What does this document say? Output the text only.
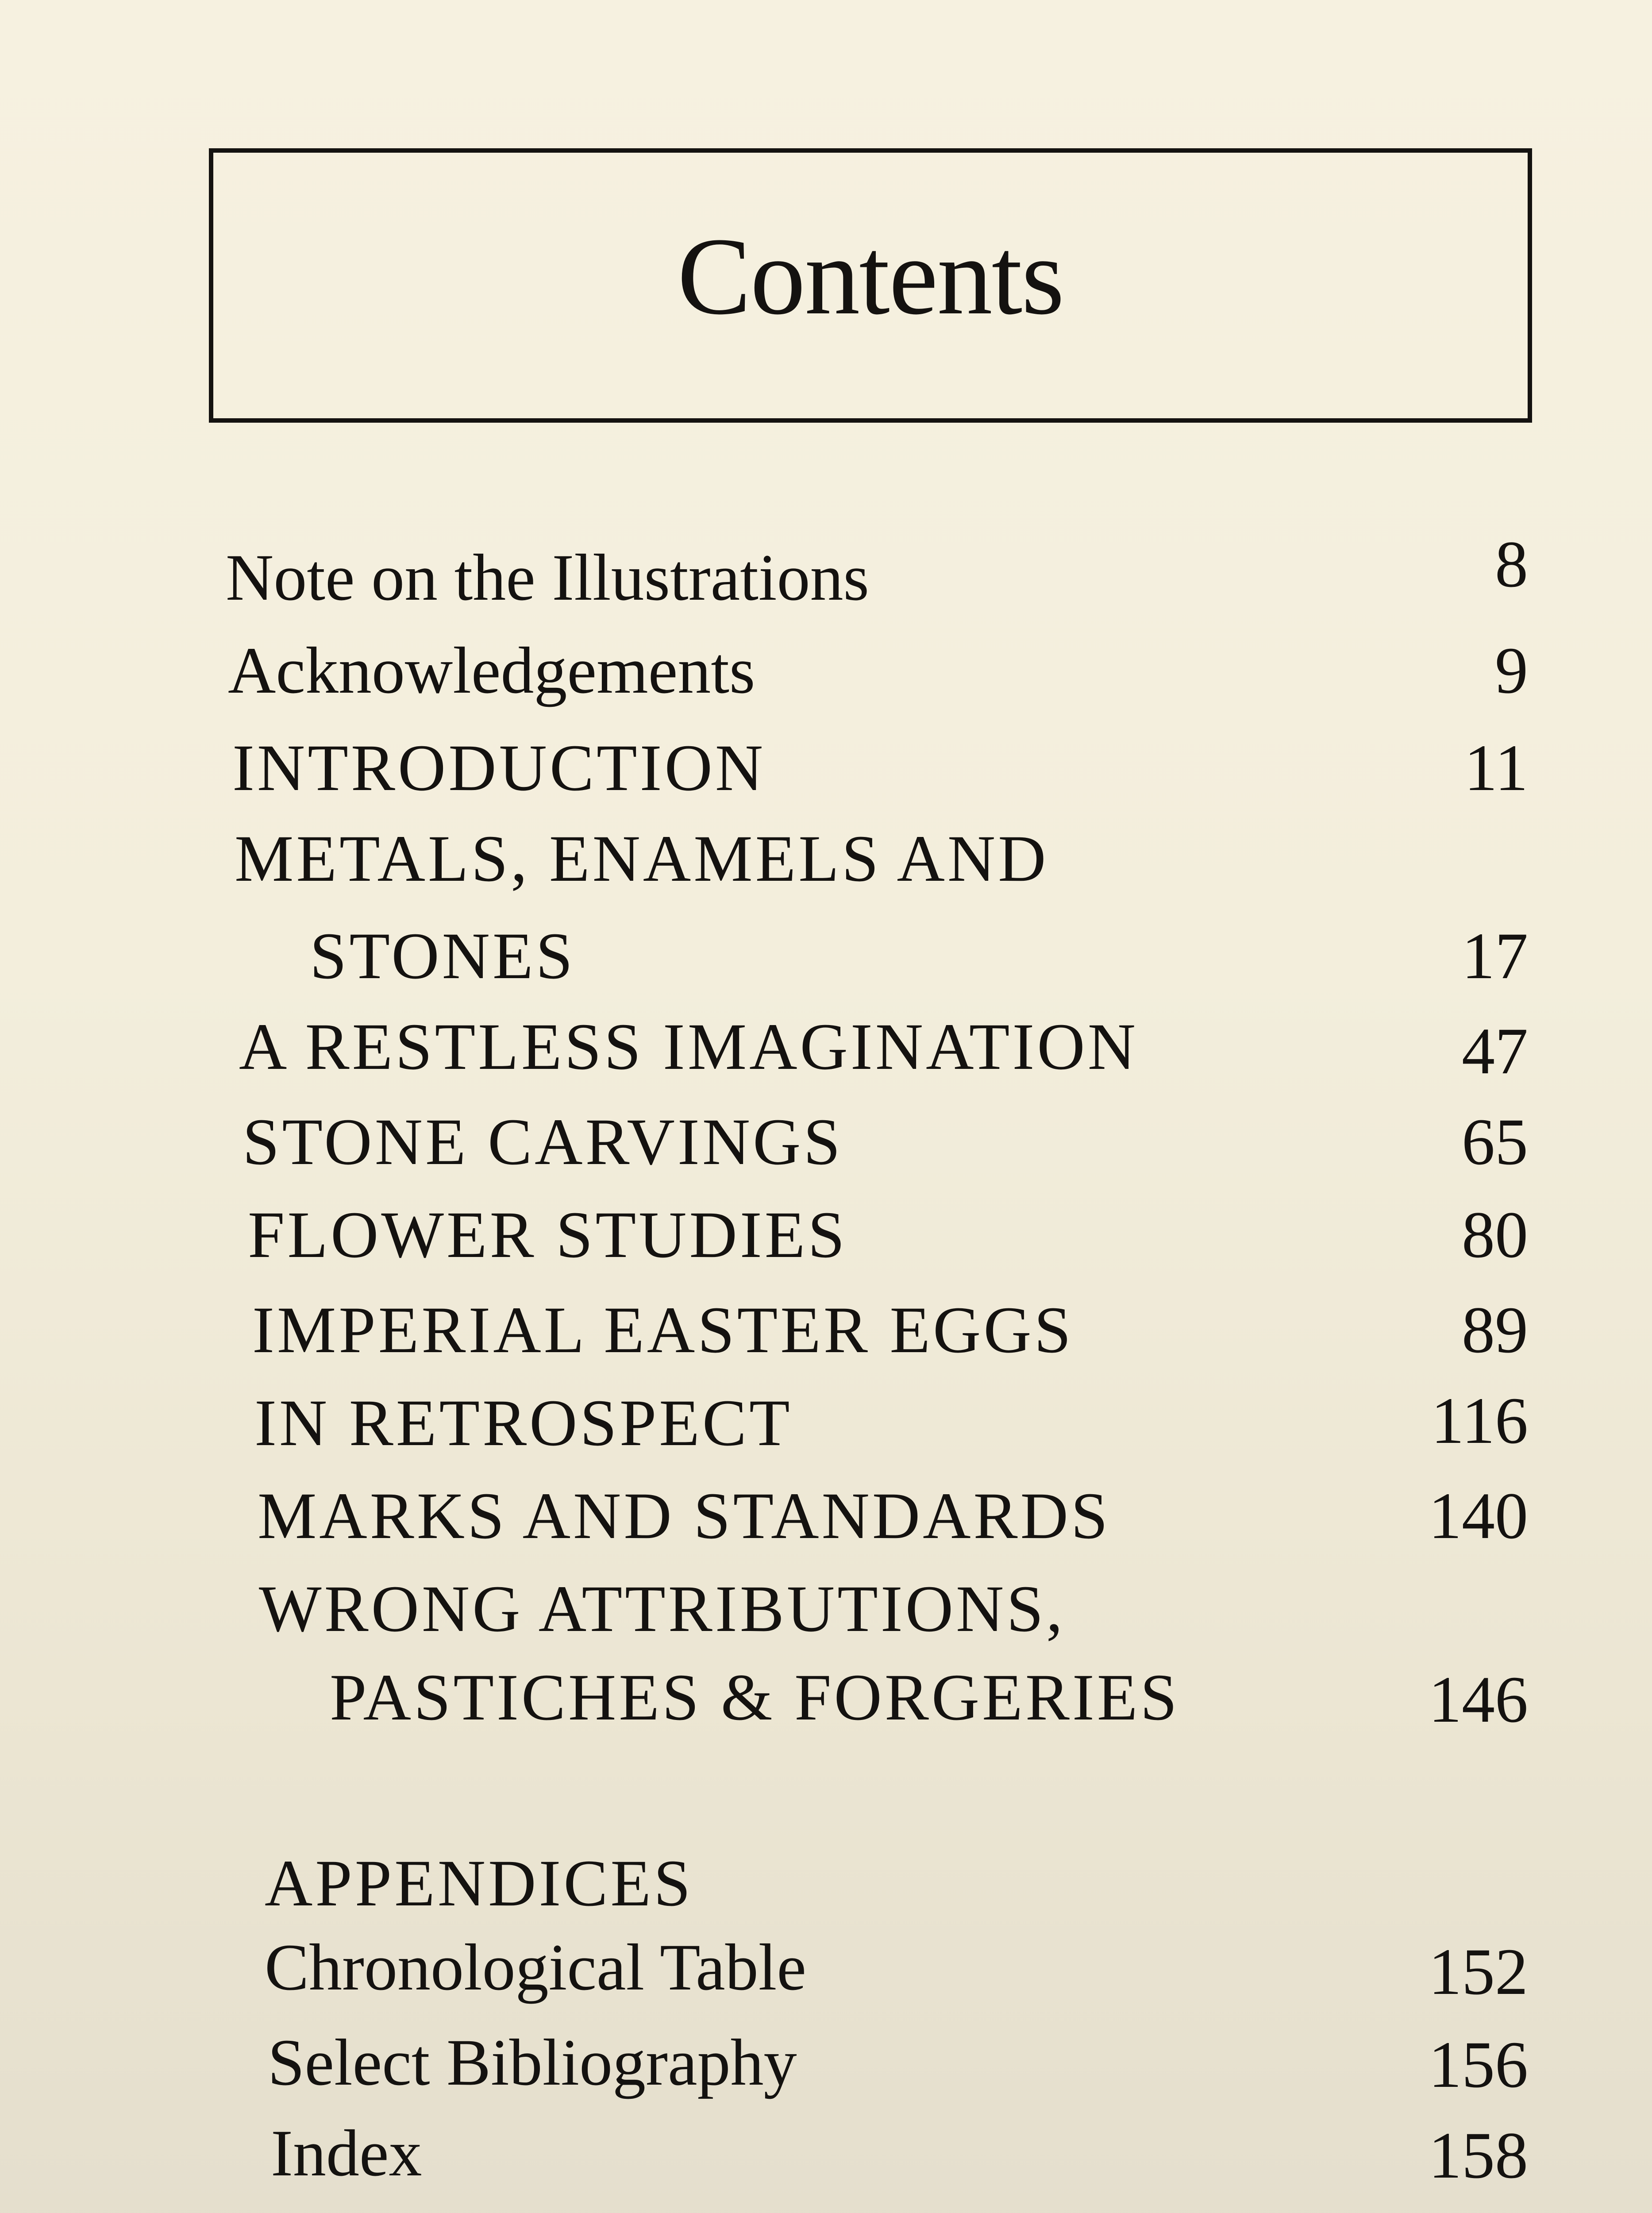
Contents
Note on the Illustrations	8
Acknowledgements	9
INTRODUCTION	11
METALS, ENAMELS AND
STONES	17
A RESTLESS IMAGINATION	47
STONE CARVINGS	65
FLOWER STUDIES	80
IMPERIAL EASTER EGGS	89
IN RETROSPECT	116
MARKS AND STANDARDS	140
WRONG ATTRIBUTIONS,
PASTICHES & FORGERIES	146
APPENDICES
Chronological Table	152
Select Bibliography	156
Index	158
